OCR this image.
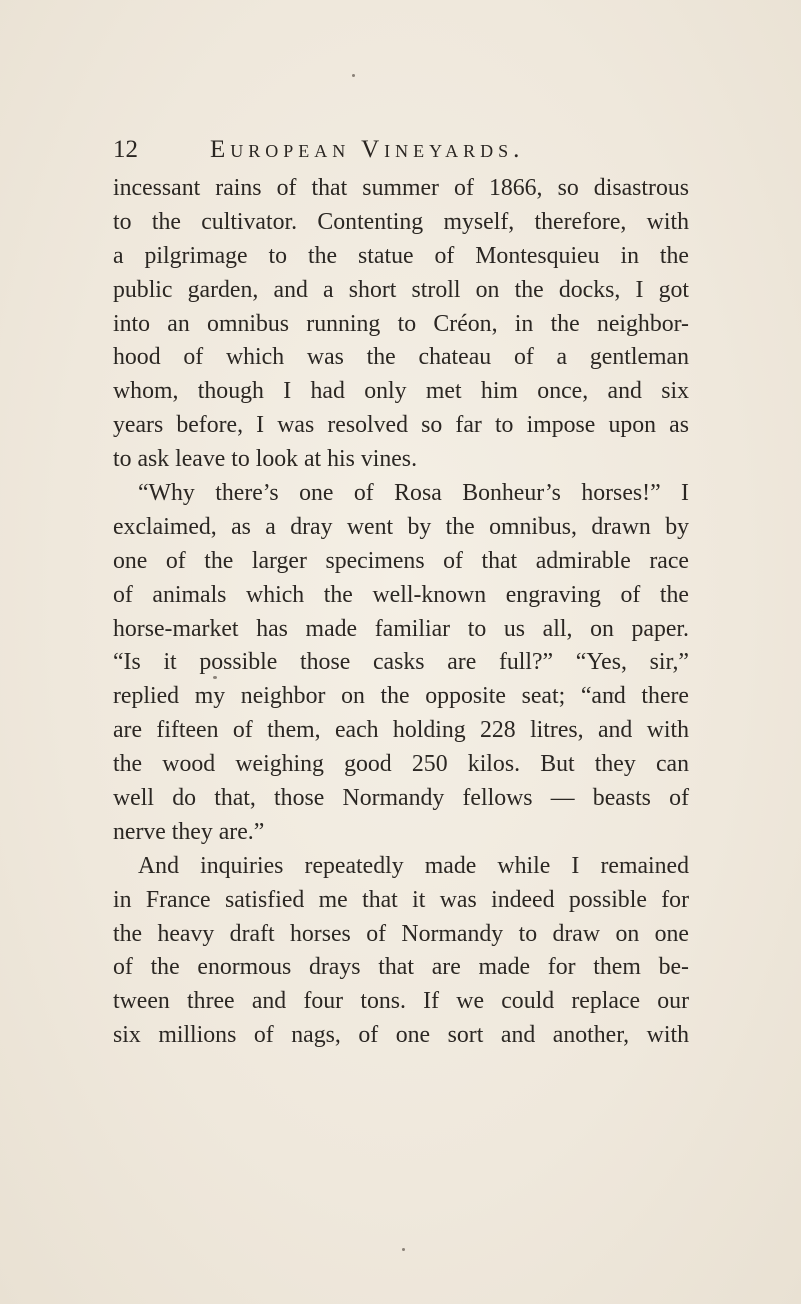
12	European Vineyards.
incessant rains of that summer of 1866, so disastrous
to the cultivator. Contenting myself, therefore, with
a pilgrimage to the statue of Montesquieu in the
public garden, and a short stroll on the docks, I got
into an omnibus running to Créon, in the neighbor-
hood of which was the chateau of a gentleman
whom, though I had only met him once, and six
years before, I was resolved so far to impose upon as
to ask leave to look at his vines.
“Why there’s one of Rosa Bonheur’s horses!” I
exclaimed, as a dray went by the omnibus, drawn by
one of the larger specimens of that admirable race
of animals which the well-known engraving of the
horse-market has made familiar to us all, on paper.
“Is it possible those casks are full?” “Yes, sir,”
replied my neighbor on the opposite seat; “and there
are fifteen of them, each holding 228 litres, and with
the wood weighing good 250 kilos. But they can
well do that, those Normandy fellows — beasts of
nerve they are.”
And inquiries repeatedly made while I remained
in France satisfied me that it was indeed possible for
the heavy draft horses of Normandy to draw on one
of the enormous drays that are made for them be-
tween three and four tons. If we could replace our
six millions of nags, of one sort and another, with
